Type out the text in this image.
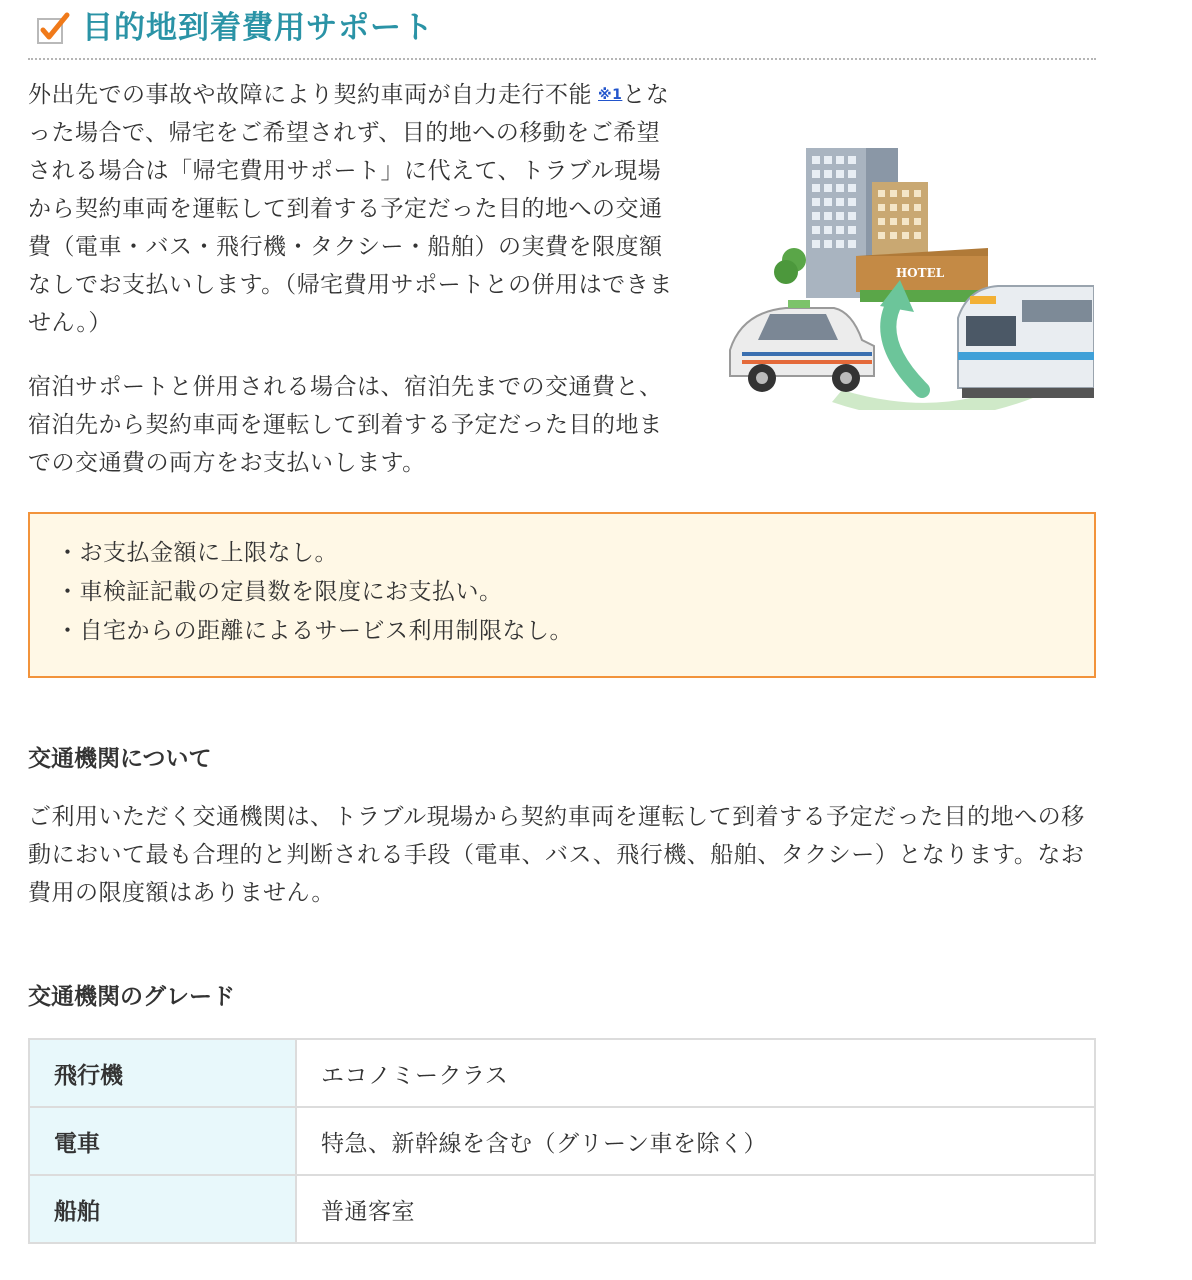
目的地到着費用サポート

外出先での事故や故障により契約車両が自力走行不能 ※1となった場合で、帰宅をご希望されず、目的地への移動をご希望される場合は「帰宅費用サポート」に代えて、トラブル現場から契約車両を運転して到着する予定だった目的地への交通費（電車・バス・飛行機・タクシー・船舶）の実費を限度額なしでお支払いします。（帰宅費用サポートとの併用はできません。）

宿泊サポートと併用される場合は、宿泊先までの交通費と、宿泊先から契約車両を運転して到着する予定だった目的地までの交通費の両方をお支払いします。

HOTEL
・お支払金額に上限なし。
・車検証記載の定員数を限度にお支払い。
・自宅からの距離によるサービス利用制限なし。
交通機関について

ご利用いただく交通機関は、トラブル現場から契約車両を運転して到着する予定だった目的地への移動において最も合理的と判断される手段（電車、バス、飛行機、船舶、タクシー）となります。なお費用の限度額はありません。

交通機関のグレード
飛行機	エコノミークラス
電車	特急、新幹線を含む（グリーン車を除く）
船舶	普通客室
